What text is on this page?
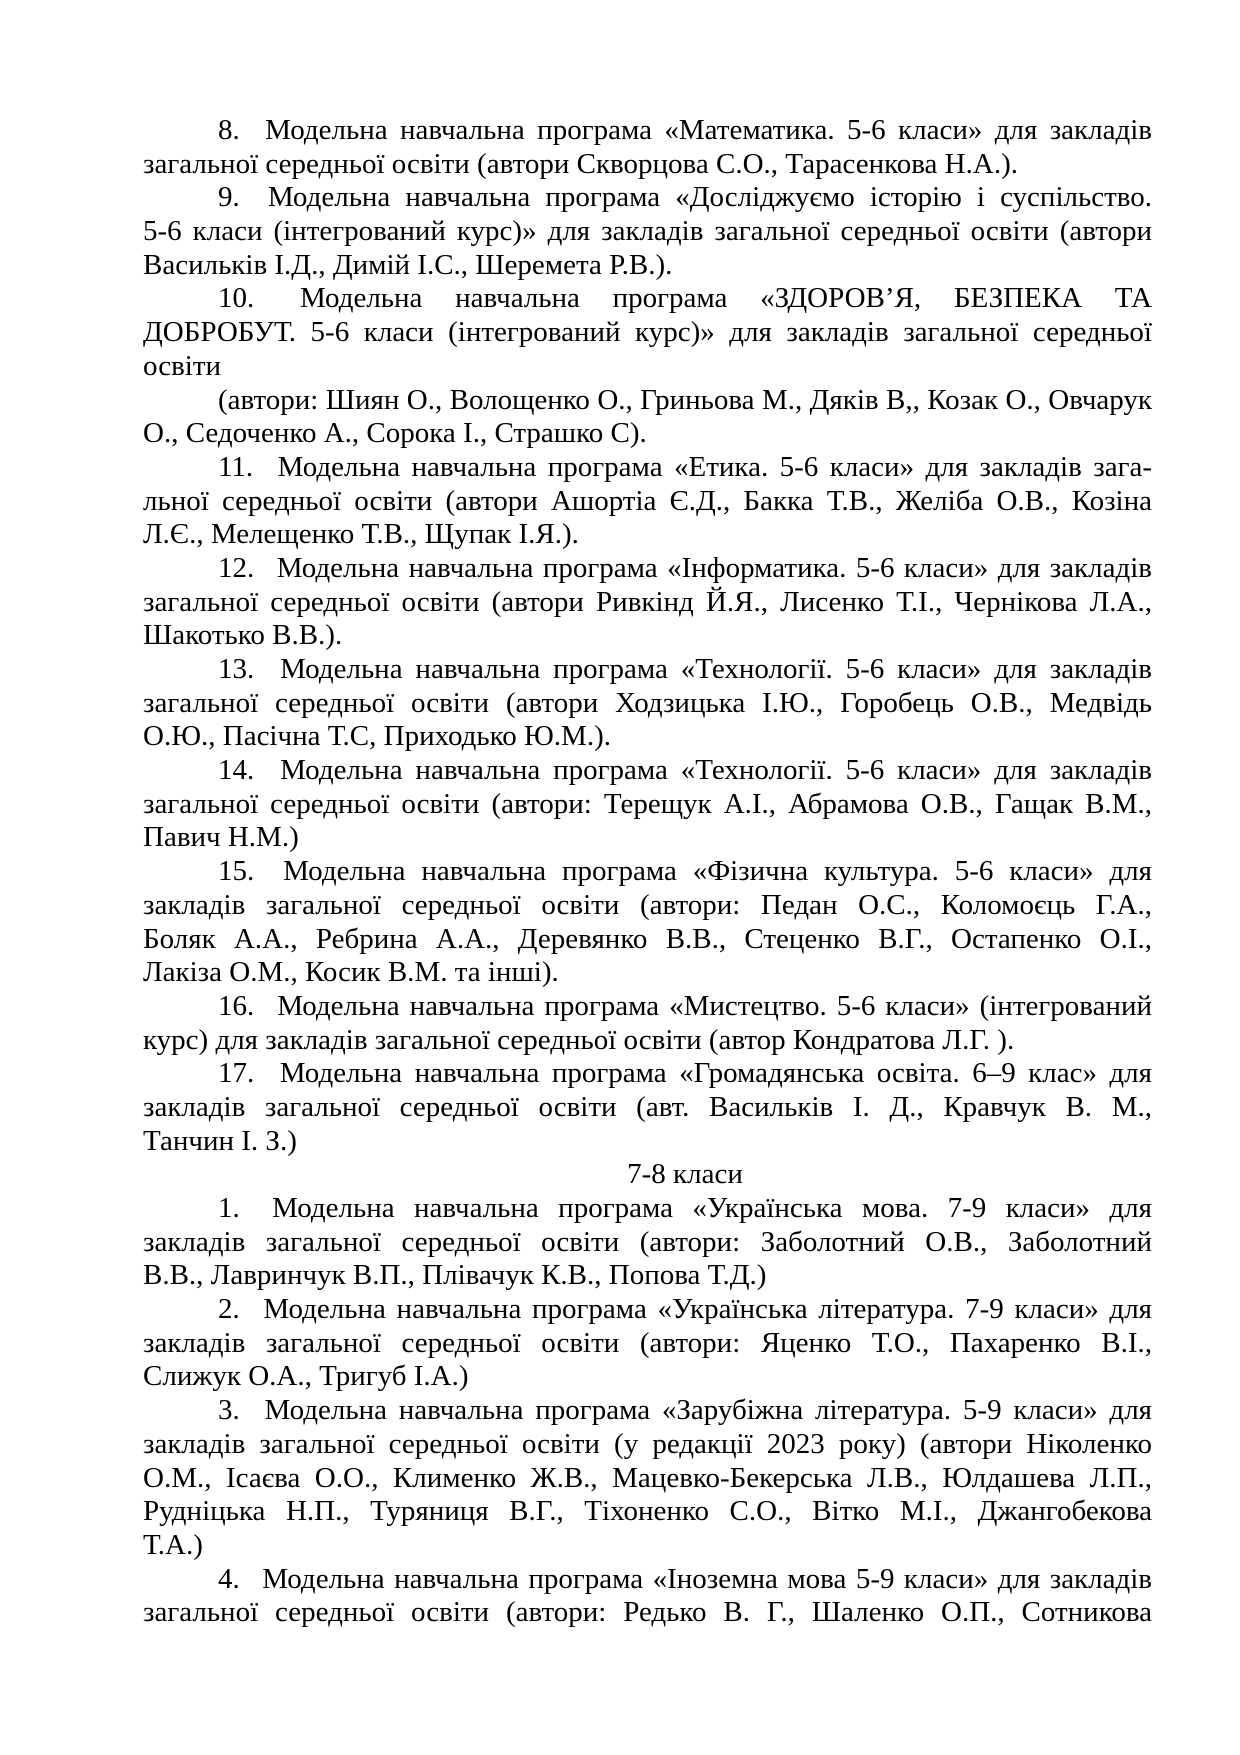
8. Модельна навчальна програма «Математика. 5-6 класи» для закладів
загальної середньої освіти (автори Скворцова С.О., Тарасенкова Н.А.).
9. Модельна навчальна програма «Досліджуємо історію і суспільство.
5-6 класи (інтегрований курс)» для закладів загальної середньої освіти (автори
Васильків І.Д., Димій І.С., Шеремета Р.В.).
10. Модельна навчальна програма «ЗДОРОВ’Я, БЕЗПЕКА ТА
ДОБРОБУТ. 5-6 класи (інтегрований курс)» для закладів загальної середньої
освіти
(автори: Шиян О., Волощенко О., Гриньова М., Дяків В,, Козак О., Овчарук
О., Седоченко А., Сорока І., Страшко С).
11. Модельна навчальна програма «Етика. 5-6 класи» для закладів зага-
льної середньої освіти (автори Ашортіа Є.Д., Бакка Т.В., Желіба О.В., Козіна
Л.Є., Мелещенко Т.В., Щупак І.Я.).
12. Модельна навчальна програма «Інформатика. 5-6 класи» для закладів
загальної середньої освіти (автори Ривкінд Й.Я., Лисенко Т.І., Чернікова Л.А.,
Шакотько В.В.).
13. Модельна навчальна програма «Технології. 5-6 класи» для закладів
загальної середньої освіти (автори Ходзицька І.Ю., Горобець О.В., Медвідь
О.Ю., Пасічна Т.С, Приходько Ю.М.).
14. Модельна навчальна програма «Технології. 5-6 класи» для закладів
загальної середньої освіти (автори: Терещук А.І., Абрамова О.В., Гащак В.М.,
Павич Н.М.)
15. Модельна навчальна програма «Фізична культура. 5-6 класи» для
закладів загальної середньої освіти (автори: Педан О.С., Коломоєць Г.А.,
Боляк А.А., Ребрина А.А., Деревянко В.В., Стеценко В.Г., Остапенко О.І.,
Лакіза О.М., Косик В.М. та інші).
16. Модельна навчальна програма «Мистецтво. 5-6 класи» (інтегрований
курс) для закладів загальної середньої освіти (автор Кондратова Л.Г. ).
17. Модельна навчальна програма «Громадянська освіта. 6–9 клас» для
закладів загальної середньої освіти (авт. Васильків І. Д., Кравчук В. М.,
Танчин І. З.)
7-8 класи
1. Модельна навчальна програма «Українська мова. 7-9 класи» для
закладів загальної середньої освіти (автори: Заболотний О.В., Заболотний
В.В., Лавринчук В.П., Плівачук К.В., Попова Т.Д.)
2. Модельна навчальна програма «Українська література. 7-9 класи» для
закладів загальної середньої освіти (автори: Яценко Т.О., Пахаренко В.І.,
Слижук О.А., Тригуб І.А.)
3. Модельна навчальна програма «Зарубіжна література. 5-9 класи» для
закладів загальної середньої освіти (у редакції 2023 року) (автори Ніколенко
О.М., Ісаєва О.О., Клименко Ж.В., Мацевко-Бекерська Л.В., Юлдашева Л.П.,
Рудніцька Н.П., Туряниця В.Г., Тіхоненко С.О., Вітко М.І., Джангобекова
Т.А.)
4. Модельна навчальна програма «Іноземна мова 5-9 класи» для закладів
загальної середньої освіти (автори: Редько В. Г., Шаленко О.П., Сотникова
